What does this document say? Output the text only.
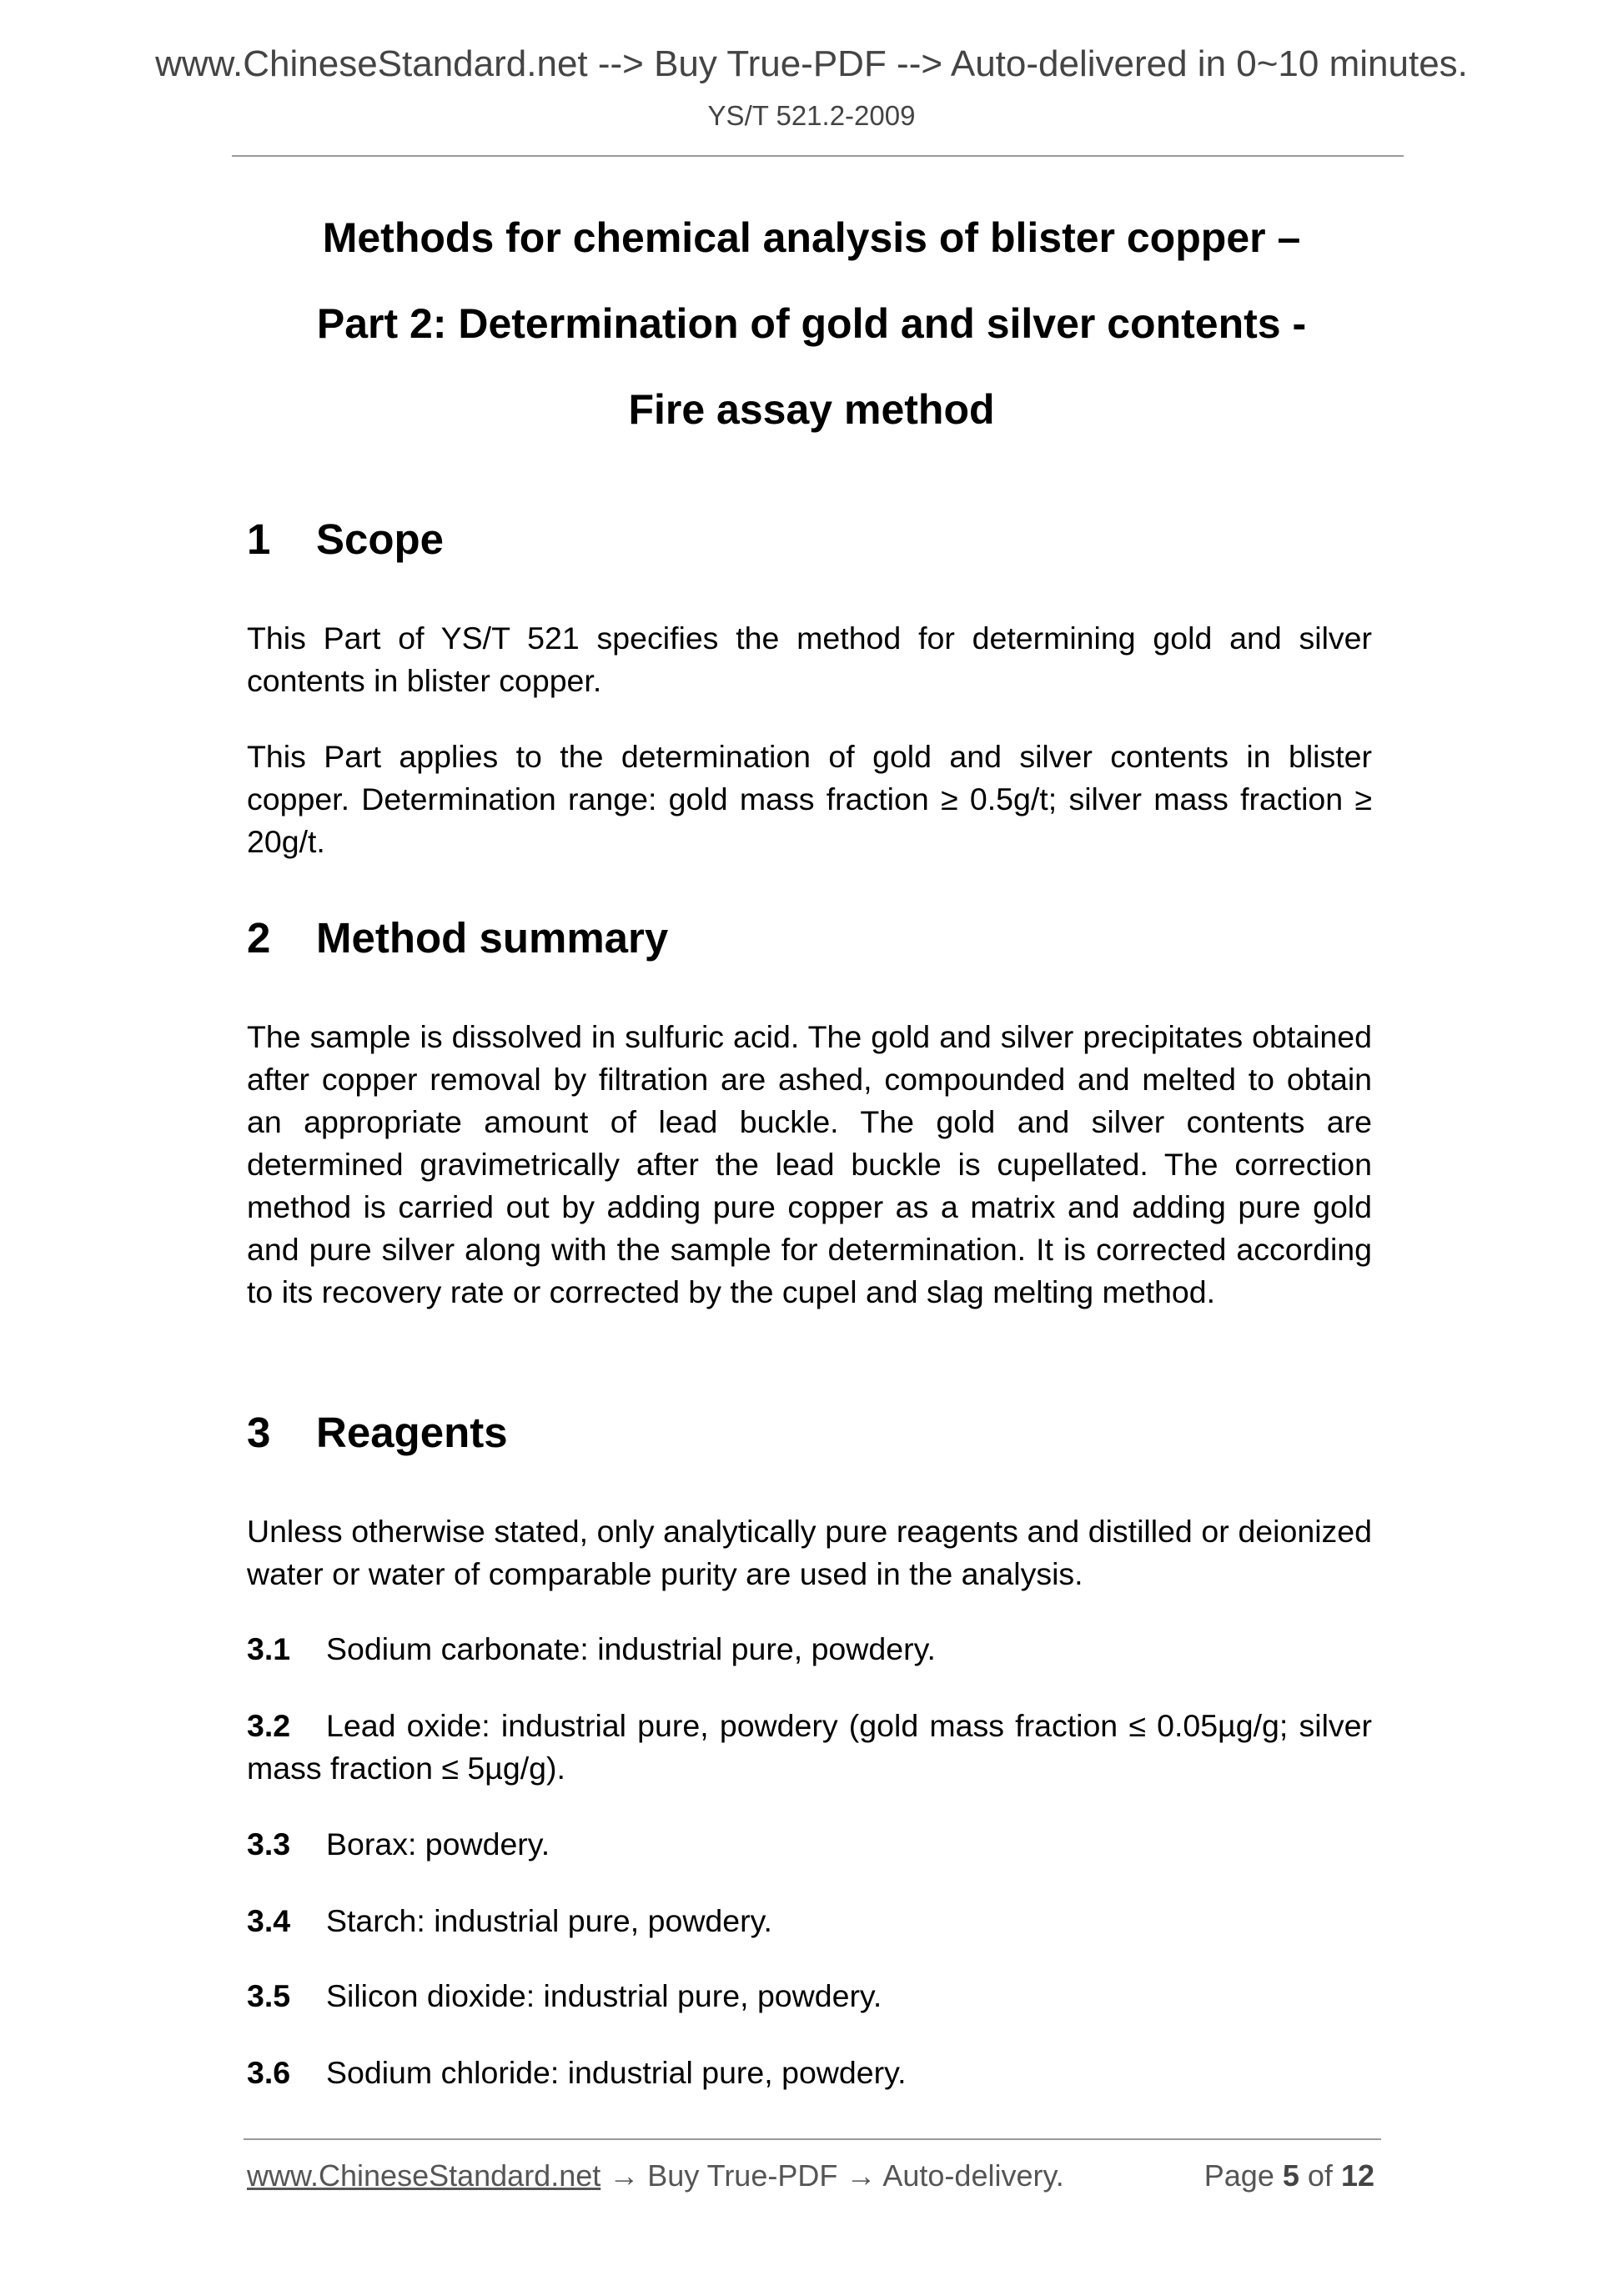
www.ChineseStandard.net --> Buy True-PDF --> Auto-delivered in 0~10 minutes.
YS/T 521.2-2009
Methods for chemical analysis of blister copper –
Part 2: Determination of gold and silver contents -
Fire assay method
1 Scope
This Part of YS/T 521 specifies the method for determining gold and silver contents in blister copper.
This Part applies to the determination of gold and silver contents in blister copper. Determination range: gold mass fraction ≥ 0.5g/t; silver mass fraction ≥ 20g/t.
2 Method summary
The sample is dissolved in sulfuric acid. The gold and silver precipitates obtained after copper removal by filtration are ashed, compounded and melted to obtain an appropriate amount of lead buckle. The gold and silver contents are determined gravimetrically after the lead buckle is cupellated. The correction method is carried out by adding pure copper as a matrix and adding pure gold and pure silver along with the sample for determination. It is corrected according to its recovery rate or corrected by the cupel and slag melting method.
3 Reagents
Unless otherwise stated, only analytically pure reagents and distilled or deionized water or water of comparable purity are used in the analysis.
3.1 Sodium carbonate: industrial pure, powdery.
3.2 Lead oxide: industrial pure, powdery (gold mass fraction ≤ 0.05µg/g; silver mass fraction ≤ 5µg/g).
3.3 Borax: powdery.
3.4 Starch: industrial pure, powdery.
3.5 Silicon dioxide: industrial pure, powdery.
3.6 Sodium chloride: industrial pure, powdery.
www.ChineseStandard.net → Buy True-PDF → Auto-delivery.	Page 5 of 12
